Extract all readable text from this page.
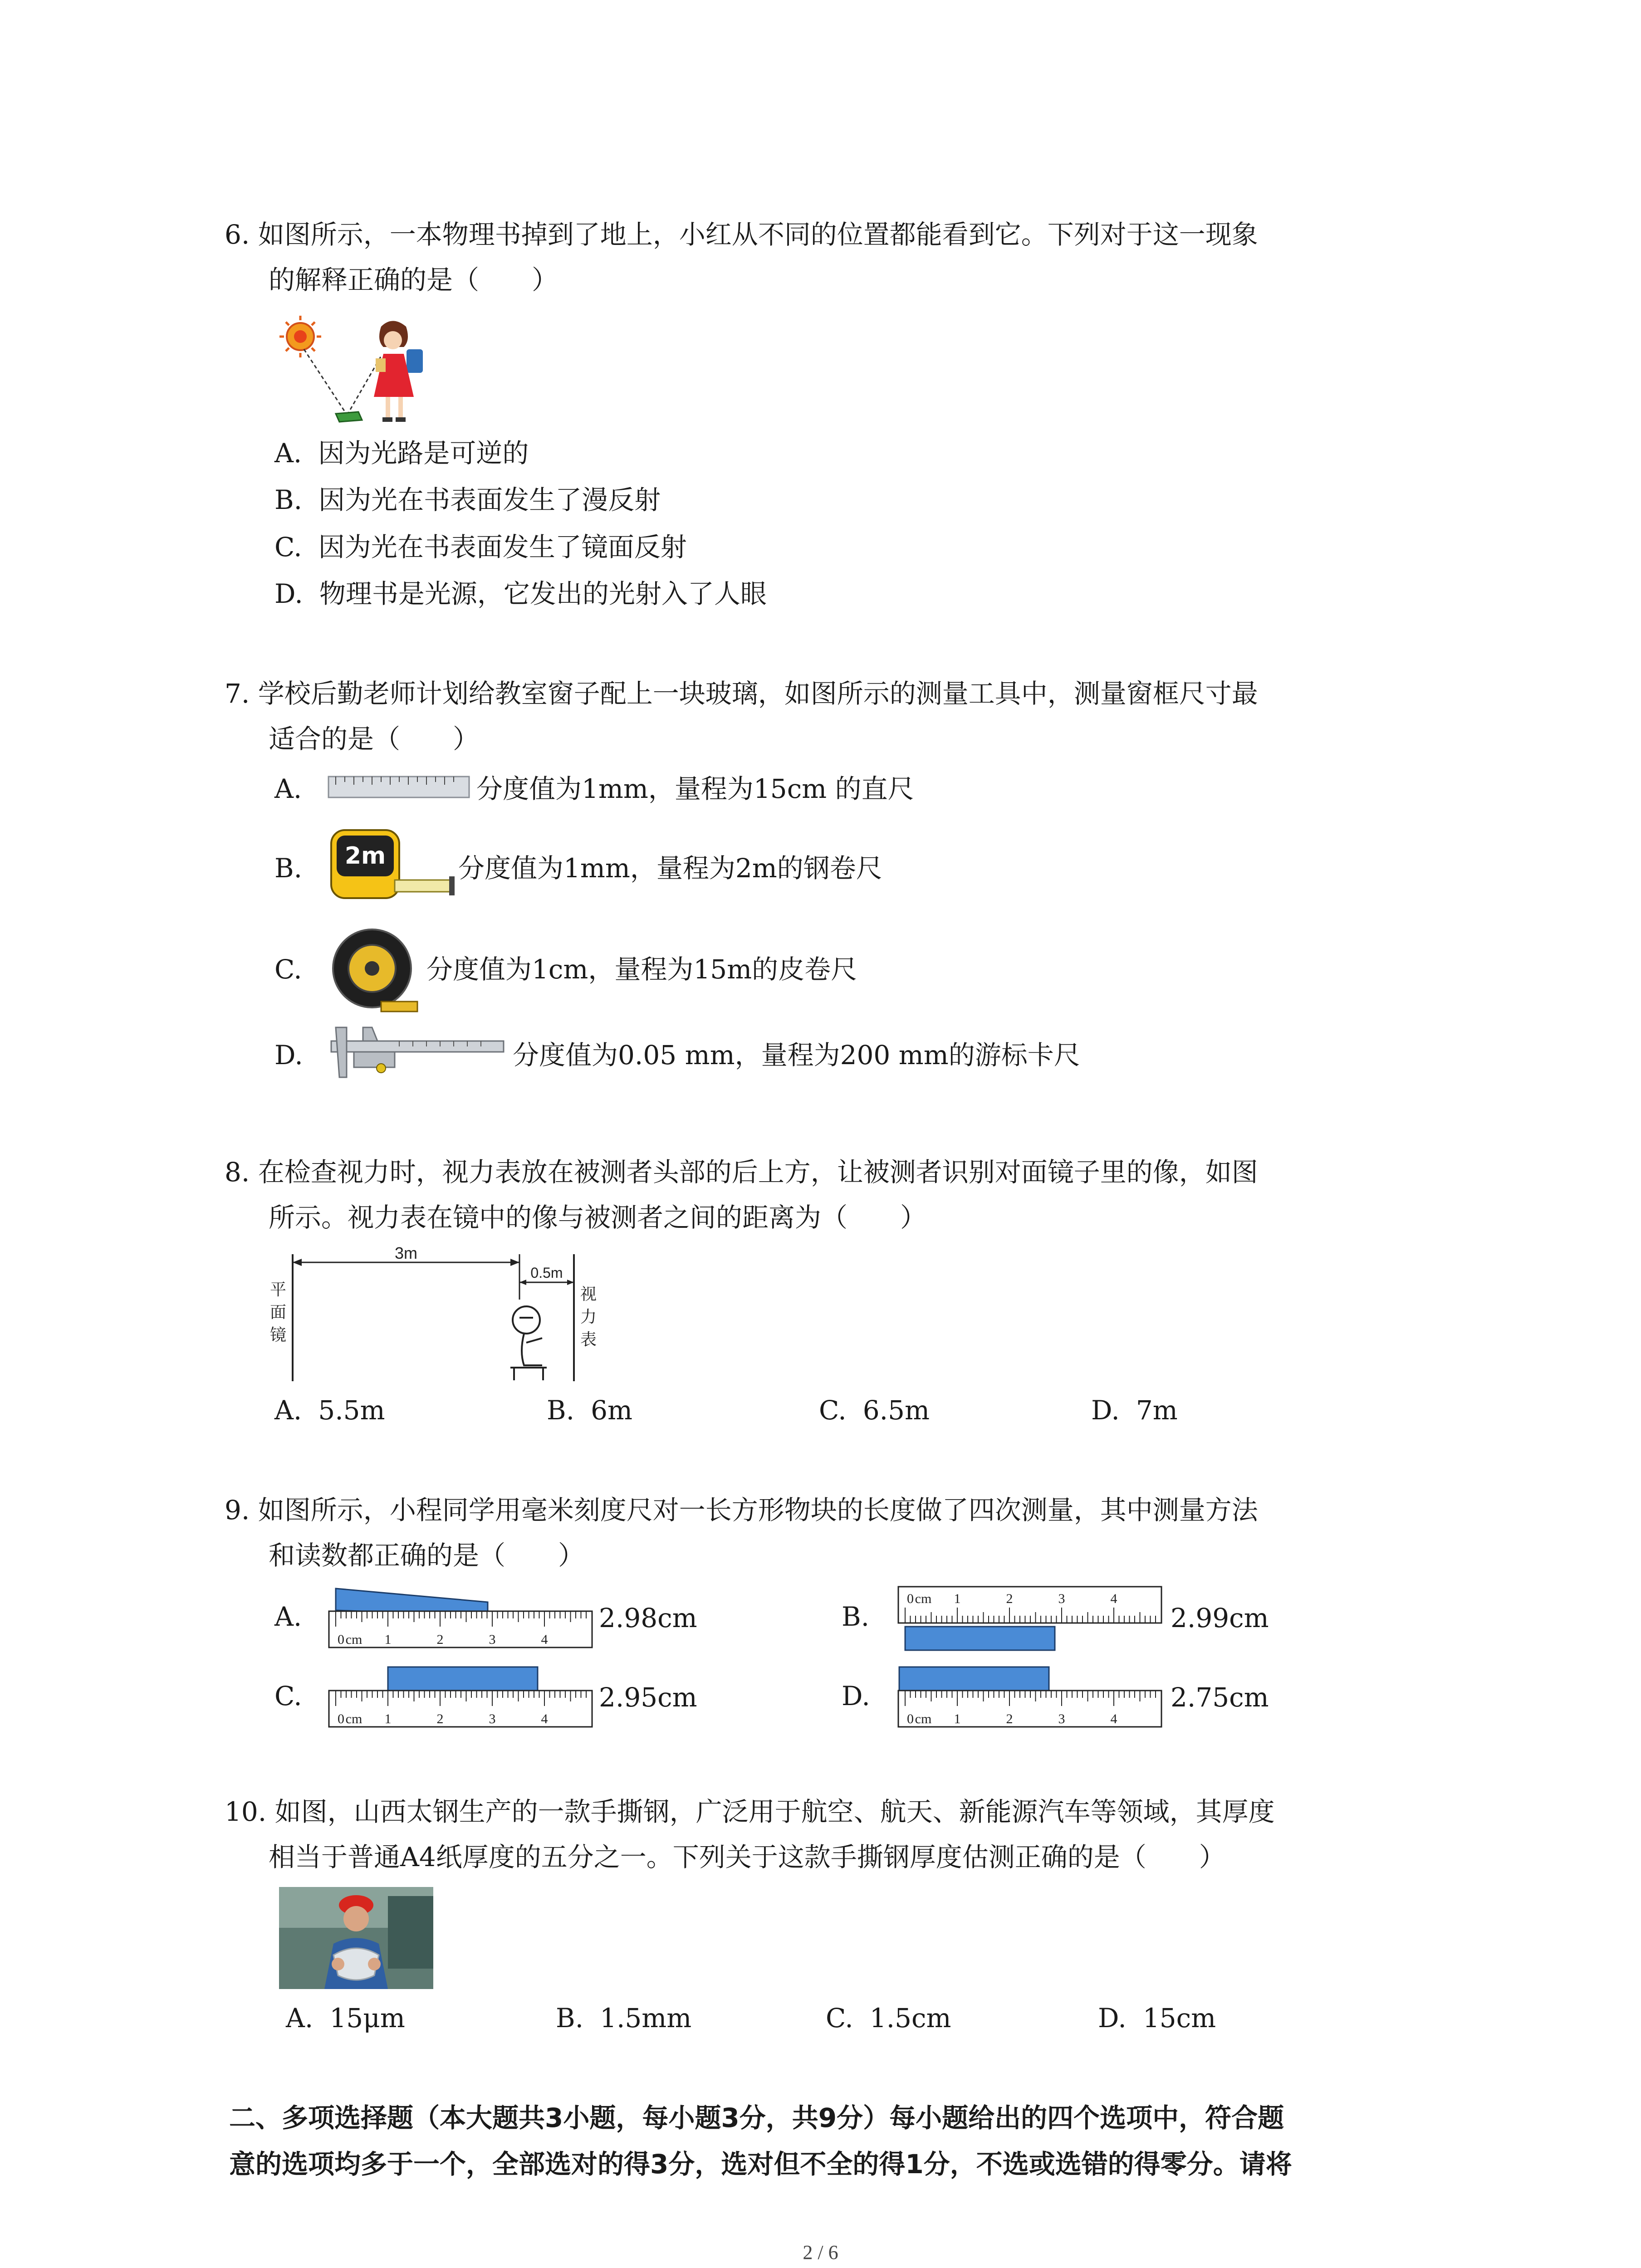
6. 如图所示，一本物理书掉到了地上，小红从不同的位置都能看到它。下列对于这一现象
的解释正确的是（　　）
A. 因为光路是可逆的
B. 因为光在书表面发生了漫反射
C. 因为光在书表面发生了镜面反射
D. 物理书是光源，它发出的光射入了人眼
7. 学校后勤老师计划给教室窗子配上一块玻璃，如图所示的测量工具中，测量窗框尺寸最
适合的是（　　）
A.	分度值为1mm，量程为15cm 的直尺
B. 2m	分度值为1mm，量程为2m的钢卷尺
C.	分度值为1cm，量程为15m的皮卷尺
D.	分度值为0.05 mm，量程为200 mm的游标卡尺
8. 在检查视力时，视力表放在被测者头部的后上方，让被测者识别对面镜子里的像，如图
所示。视力表在镜中的像与被测者之间的距离为（　　）
3m
0.5m
平
面
镜
视
力
表
A. 5.5m	B. 6m	C. 6.5m	D. 7m
9. 如图所示，小程同学用毫米刻度尺对一长方形物块的长度做了四次测量，其中测量方法
和读数都正确的是（　　）
A.
0 cm 1	2	3	4
2.98cm	B.
0 cm 1	2	3	4
2.99cm
C.
0 cm 1	2	3	4
2.95cm	D.
0 cm 1	2	3	4
2.75cm
10. 如图，山西太钢生产的一款手撕钢，广泛用于航空、航天、新能源汽车等领域，其厚度
相当于普通A4纸厚度的五分之一。下列关于这款手撕钢厚度估测正确的是（　　）
A. 15μm	B. 1.5mm	C. 1.5cm	D. 15cm
二、多项选择题（本大题共3小题，每小题3分，共9分）每小题给出的四个选项中，符合题
意的选项均多于一个，全部选对的得3分，选对但不全的得1分，不选或选错的得零分。请将
2 / 6
